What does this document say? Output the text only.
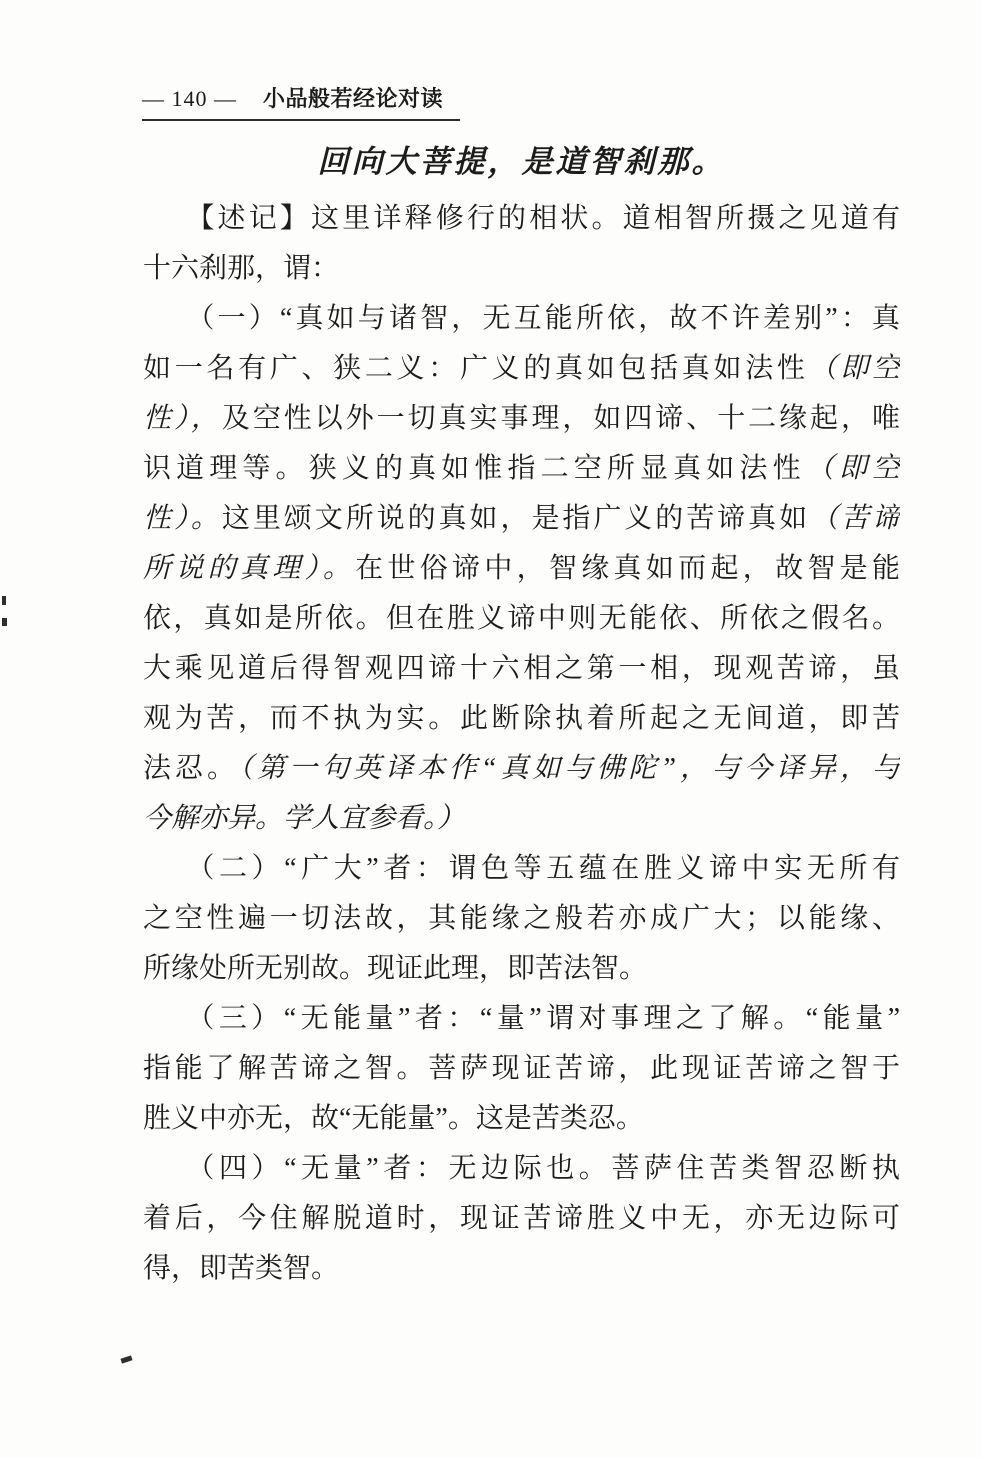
— 140 — 小品般若经论对读
回向大菩提，是道智刹那。
【述记】这里详释修行的相状。道相智所摄之见道有
十六刹那，谓：
（一）“真如与诸智，无互能所依，故不许差别”：真
如一名有广、狭二义：广义的真如包括真如法性（即空
性），及空性以外一切真实事理，如四谛、十二缘起，唯
识道理等。狭义的真如惟指二空所显真如法性（即空
性）。这里颂文所说的真如，是指广义的苦谛真如（苦谛
所说的真理）。在世俗谛中，智缘真如而起，故智是能
依，真如是所依。但在胜义谛中则无能依、所依之假名。
大乘见道后得智观四谛十六相之第一相，现观苦谛，虽
观为苦，而不执为实。此断除执着所起之无间道，即苦
法忍。（第一句英译本作“真如与佛陀”，与今译异，与
今解亦异。学人宜参看。）
（二）“广大”者：谓色等五蕴在胜义谛中实无所有
之空性遍一切法故，其能缘之般若亦成广大；以能缘、
所缘处所无别故。现证此理，即苦法智。
（三）“无能量”者：“量”谓对事理之了解。“能量”
指能了解苦谛之智。菩萨现证苦谛，此现证苦谛之智于
胜义中亦无，故“无能量”。这是苦类忍。
（四）“无量”者：无边际也。菩萨住苦类智忍断执
着后，今住解脱道时，现证苦谛胜义中无，亦无边际可
得，即苦类智。
